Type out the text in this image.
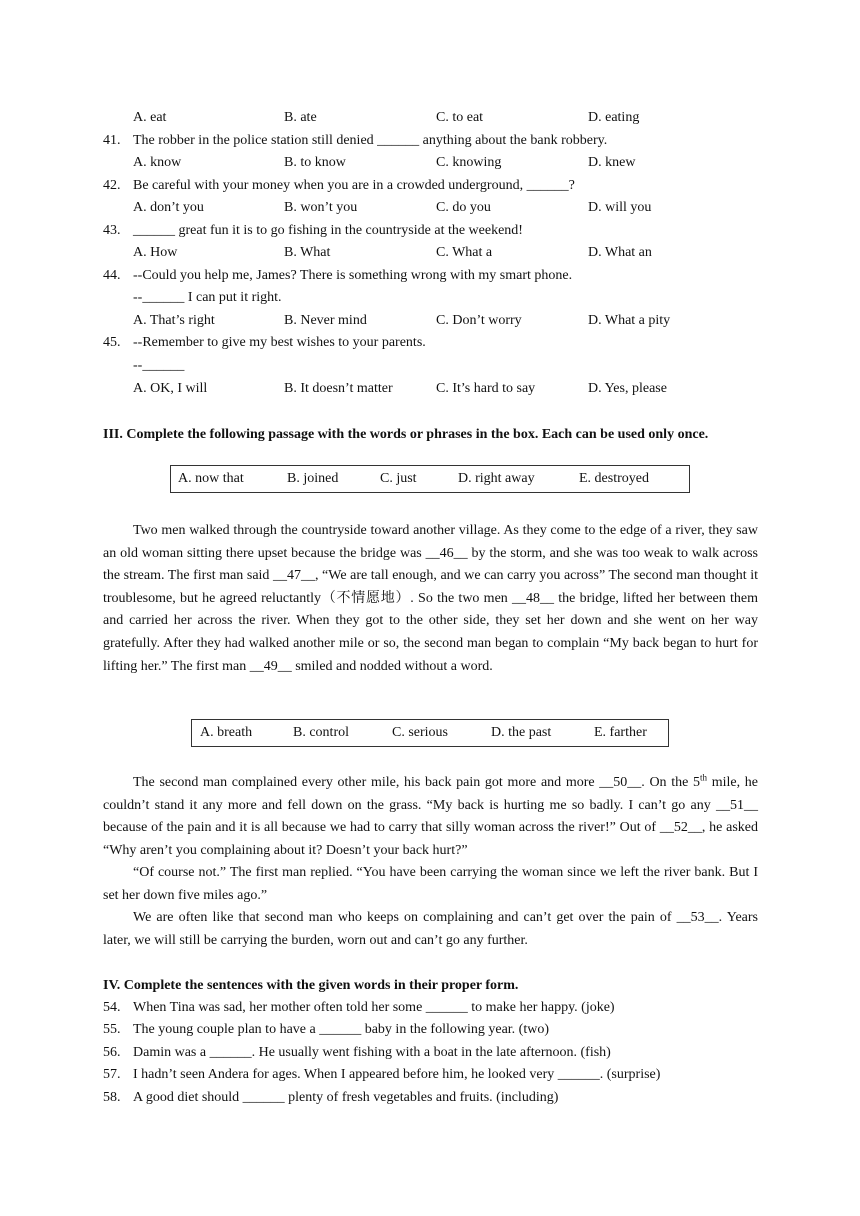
A. eat	B. ate	C. to eat	D. eating
41. The robber in the police station still denied ______ anything about the bank robbery.
A. know	B. to know	C. knowing	D. knew
42. Be careful with your money when you are in a crowded underground, ______?
A. don’t you	B. won’t you	C. do you	D. will you
43. ______ great fun it is to go fishing in the countryside at the weekend!
A. How	B. What	C. What a	D. What an
44. --Could you help me, James? There is something wrong with my smart phone.
--______ I can put it right.
A. That’s right	B. Never mind	C. Don’t worry	D. What a pity
45. --Remember to give my best wishes to your parents.
--______
A. OK, I will	B. It doesn’t matter	C. It’s hard to say	D. Yes, please
III. Complete the following passage with the words or phrases in the box. Each can be used only once.
A. now that	B. joined	C. just	D. right away	E. destroyed
Two men walked through the countryside toward another village. As they come to the edge of a river, they saw an old woman sitting there upset because the bridge was __46__ by the storm, and she was too weak to walk across the stream. The first man said __47__, “We are tall enough, and we can carry you across” The second man thought it troublesome, but he agreed reluctantly（不情愿地）. So the two men __48__ the bridge, lifted her between them and carried her across the river. When they got to the other side, they set her down and she went on her way gratefully. After they had walked another mile or so, the second man began to complain “My back began to hurt for lifting her.” The first man __49__ smiled and nodded without a word.
A. breath	B. control	C. serious	D. the past	E. farther
The second man complained every other mile, his back pain got more and more __50__. On the 5th mile, he couldn’t stand it any more and fell down on the grass. “My back is hurting me so badly. I can’t go any __51__ because of the pain and it is all because we had to carry that silly woman across the river!” Out of __52__, he asked “Why aren’t you complaining about it? Doesn’t your back hurt?”
“Of course not.” The first man replied. “You have been carrying the woman since we left the river bank. But I set her down five miles ago.”
We are often like that second man who keeps on complaining and can’t get over the pain of __53__. Years later, we will still be carrying the burden, worn out and can’t go any further.
IV. Complete the sentences with the given words in their proper form.
54. When Tina was sad, her mother often told her some ______ to make her happy. (joke)
55. The young couple plan to have a ______ baby in the following year. (two)
56. Damin was a ______. He usually went fishing with a boat in the late afternoon. (fish)
57. I hadn’t seen Andera for ages. When I appeared before him, he looked very ______. (surprise)
58. A good diet should ______ plenty of fresh vegetables and fruits. (including)
